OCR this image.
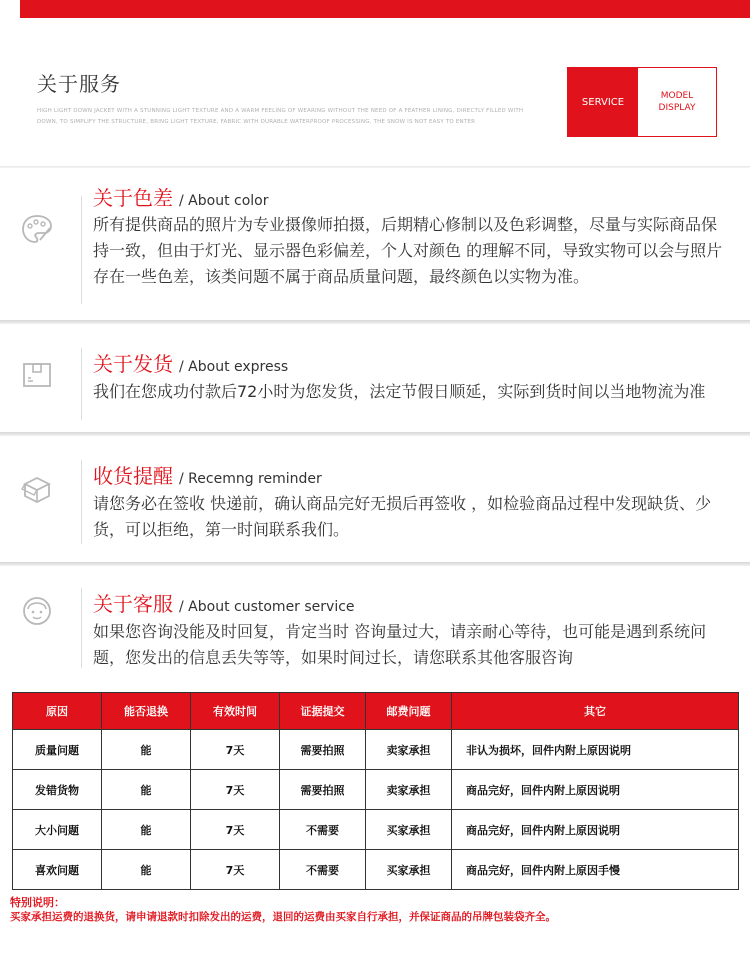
关于服务
HIGH LIGHT DOWN JACKET WITH A STUNNING LIGHT TEXTURE AND A WARM FEELING OF WEARING WITHOUT THE NEED OF A FEATHER LINING, DIRECTLY FILLED WITH DOWN, TO SIMPLIFY THE STRUCTURE, BRING LIGHT TEXTURE, FABRIC WITH DURABLE WATERPROOF PROCESSING, THE SNOW IS NOT EASY TO ENTER
SERVICE
MODEL
DISPLAY
关于色差 / About color
所有提供商品的照片为专业摄像师拍摄，后期精心修制以及色彩调整，尽量与实际商品保持一致，但由于灯光、显示器色彩偏差，个人对颜色 的理解不同，导致实物可以会与照片存在一些色差，该类问题不属于商品质量问题，最终颜色以实物为准。
关于发货 / About express
我们在您成功付款后72小时为您发货，法定节假日顺延，实际到货时间以当地物流为准
收货提醒 / Recemng reminder
请您务必在签收 快递前，确认商品完好无损后再签收 ，如检验商品过程中发现缺货、少货，可以拒绝，第一时间联系我们。
关于客服 / About customer service
如果您咨询没能及时回复，肯定当时 咨询量过大，请亲耐心等待，也可能是遇到系统问题，您发出的信息丢失等等，如果时间过长，请您联系其他客服咨询
原因	能否退换	有效时间	证据提交	邮费问题	其它
质量问题	能	7天	需要拍照	卖家承担	非认为损坏，回件内附上原因说明
发错货物	能	7天	需要拍照	卖家承担	商品完好，回件内附上原因说明
大小问题	能	7天	不需要	买家承担	商品完好，回件内附上原因说明
喜欢问题	能	7天	不需要	买家承担	商品完好，回件内附上原因手慢
特别说明：
买家承担运费的退换货，请申请退款时扣除发出的运费，退回的运费由买家自行承担，并保证商品的吊牌包装袋齐全。
